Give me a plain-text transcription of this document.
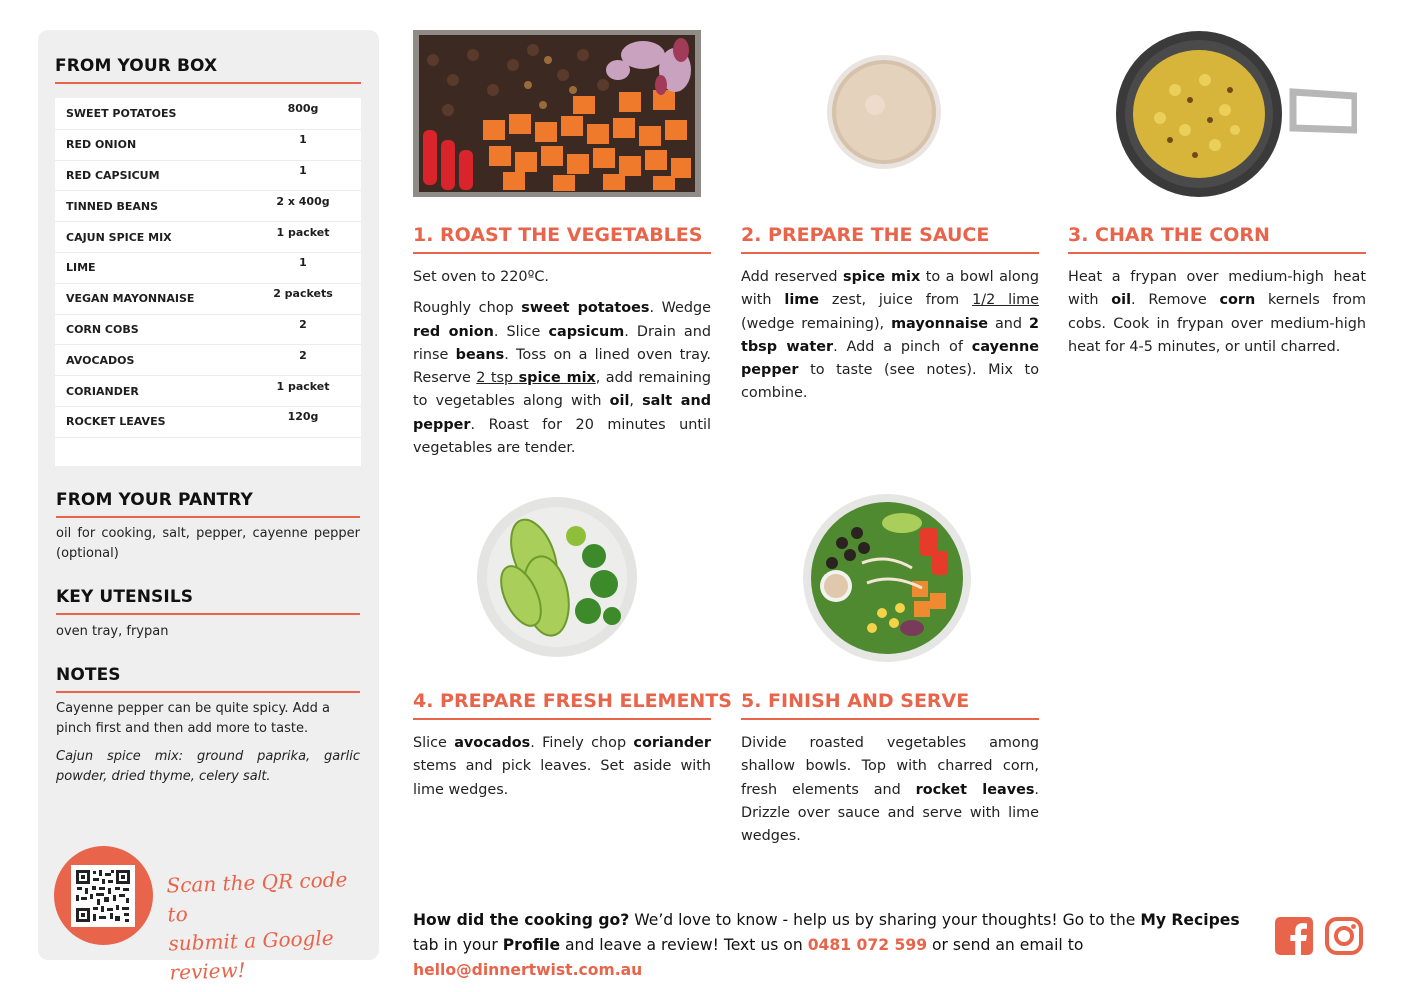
FROM YOUR BOX
SWEET POTATOES	800g
RED ONION	1
RED CAPSICUM	1
TINNED BEANS	2 x 400g
CAJUN SPICE MIX	1 packet
LIME	1
VEGAN MAYONNAISE	2 packets
CORN COBS	2
AVOCADOS	2
CORIANDER	1 packet
ROCKET LEAVES	120g
FROM YOUR PANTRY
oil for cooking, salt, pepper, cayenne pepper (optional)
KEY UTENSILS
oven tray, frypan
NOTES
Cayenne pepper can be quite spicy. Add a pinch first and then add more to taste.
Cajun spice mix: ground paprika, garlic powder, dried thyme, celery salt.
Scan the QR code to
submit a Google review!
1. ROAST THE VEGETABLES	2. PREPARE THE SAUCE	3. CHAR THE CORN
4. PREPARE FRESH ELEMENTS 5. FINISH AND SERVE

Set oven to 220ºC.

Roughly chop sweet potatoes. Wedge red onion. Slice capsicum. Drain and rinse beans. Toss on a lined oven tray. Reserve 2 tsp spice mix, add remaining to vegetables along with oil, salt and pepper. Roast for 20 minutes until vegetables are tender.

Add reserved spice mix to a bowl along with lime zest, juice from 1/2 lime (wedge remaining), mayonnaise and 2 tbsp water. Add a pinch of cayenne pepper to taste (see notes). Mix to combine.

Heat a frypan over medium-high heat with oil. Remove corn kernels from cobs. Cook in frypan over medium-high heat for 4-5 minutes, or until charred.

Slice avocados. Finely chop coriander stems and pick leaves. Set aside with lime wedges.

Divide roasted vegetables among shallow bowls. Top with charred corn, fresh elements and rocket leaves. Drizzle over sauce and serve with lime wedges.

How did the cooking go? We’d love to know - help us by sharing your thoughts! Go to the My Recipes tab in your Profile and leave a review! Text us on 0481 072 599 or send an email to hello@dinnertwist.com.au
